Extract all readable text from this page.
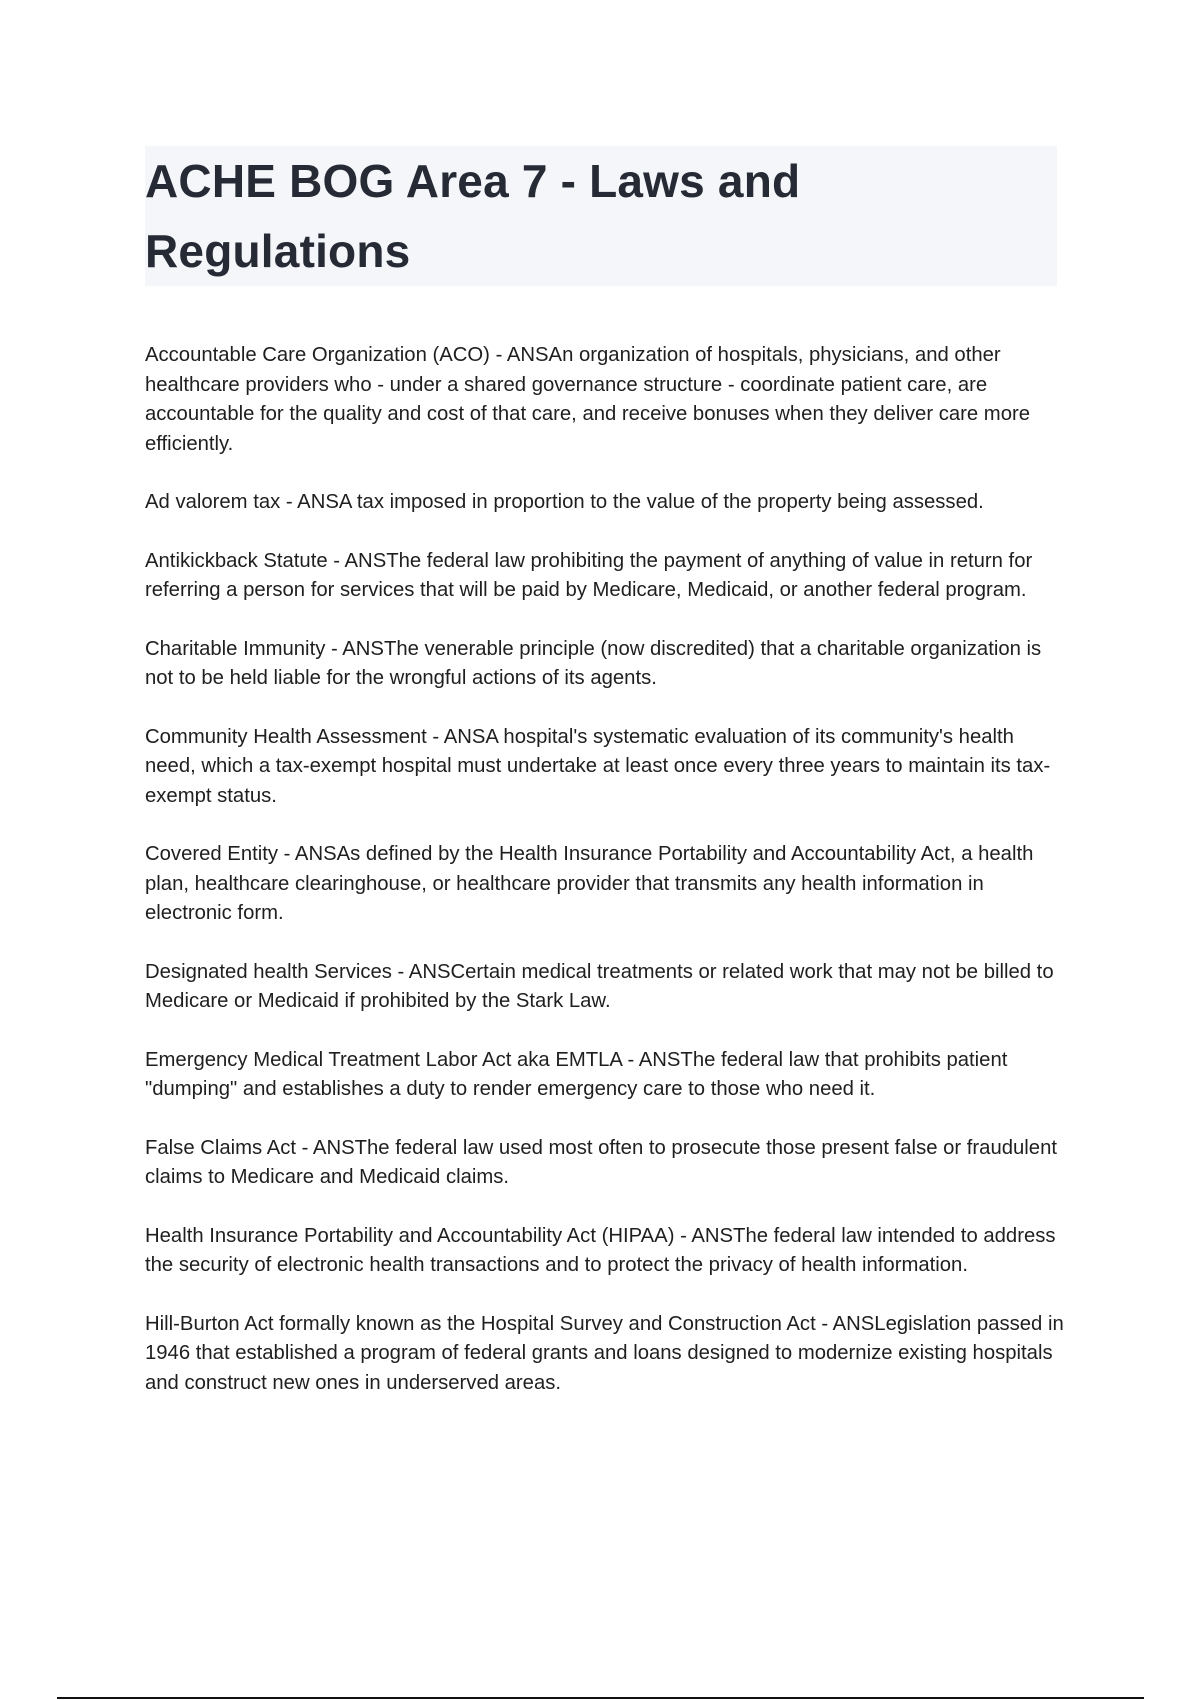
ACHE BOG Area 7 - Laws and Regulations

Accountable Care Organization (ACO) - ANSAn organization of hospitals, physicians, and other healthcare providers who - under a shared governance structure - coordinate patient care, are accountable for the quality and cost of that care, and receive bonuses when they deliver care more efficiently.

Ad valorem tax - ANSA tax imposed in proportion to the value of the property being assessed.

Antikickback Statute - ANSThe federal law prohibiting the payment of anything of value in return for referring a person for services that will be paid by Medicare, Medicaid, or another federal program.

Charitable Immunity - ANSThe venerable principle (now discredited) that a charitable organization is not to be held liable for the wrongful actions of its agents.

Community Health Assessment - ANSA hospital's systematic evaluation of its community's health need, which a tax-exempt hospital must undertake at least once every three years to maintain its tax-exempt status.

Covered Entity - ANSAs defined by the Health Insurance Portability and Accountability Act, a health plan, healthcare clearinghouse, or healthcare provider that transmits any health information in electronic form.

Designated health Services - ANSCertain medical treatments or related work that may not be billed to Medicare or Medicaid if prohibited by the Stark Law.

Emergency Medical Treatment Labor Act aka EMTLA - ANSThe federal law that prohibits patient "dumping" and establishes a duty to render emergency care to those who need it.

False Claims Act - ANSThe federal law used most often to prosecute those present false or fraudulent claims to Medicare and Medicaid claims.

Health Insurance Portability and Accountability Act (HIPAA) - ANSThe federal law intended to address the security of electronic health transactions and to protect the privacy of health information.

Hill-Burton Act formally known as the Hospital Survey and Construction Act - ANSLegislation passed in 1946 that established a program of federal grants and loans designed to modernize existing hospitals and construct new ones in underserved areas.
